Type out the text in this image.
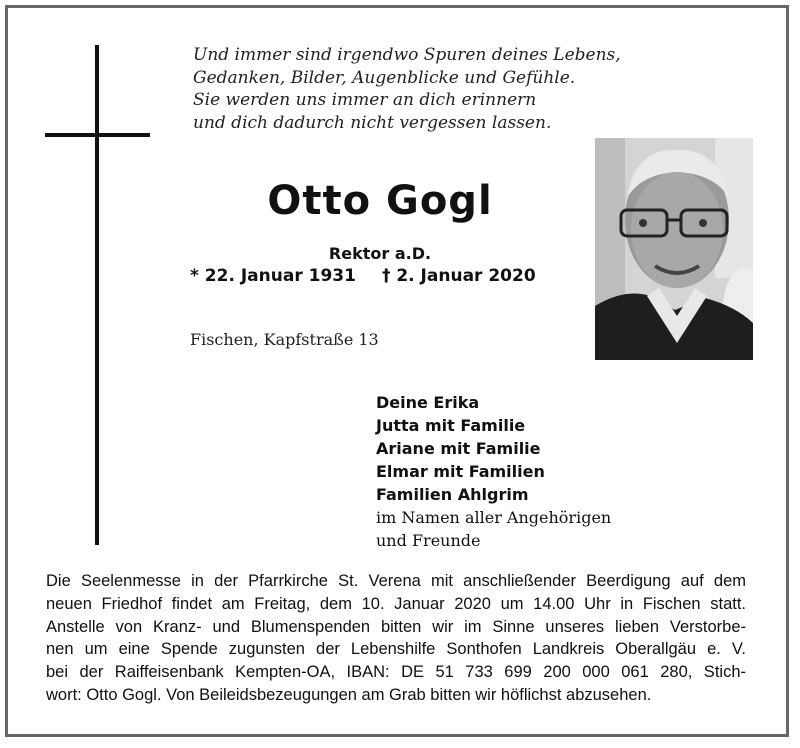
Und immer sind irgendwo Spuren deines Lebens,
Gedanken, Bilder, Augenblicke und Gefühle.
Sie werden uns immer an dich erinnern
und dich dadurch nicht vergessen lassen.
Otto Gogl
Rektor a.D.
* 22. Januar 1931 † 2. Januar 2020
Fischen, Kapfstraße 13
Deine Erika
Jutta mit Familie
Ariane mit Familie
Elmar mit Familien
Familien Ahlgrim
im Namen aller Angehörigen
und Freunde
Die Seelenmesse in der Pfarrkirche St. Verena mit anschließender Beerdigung auf dem
neuen Friedhof findet am Freitag, dem 10. Januar 2020 um 14.00 Uhr in Fischen statt.
Anstelle von Kranz- und Blumenspenden bitten wir im Sinne unseres lieben Verstorbe-
nen um eine Spende zugunsten der Lebenshilfe Sonthofen Landkreis Oberallgäu e. V.
bei der Raiffeisenbank Kempten-OA, IBAN: DE 51 733 699 200 000 061 280, Stich-
wort: Otto Gogl. Von Beileidsbezeugungen am Grab bitten wir höflichst abzusehen.
